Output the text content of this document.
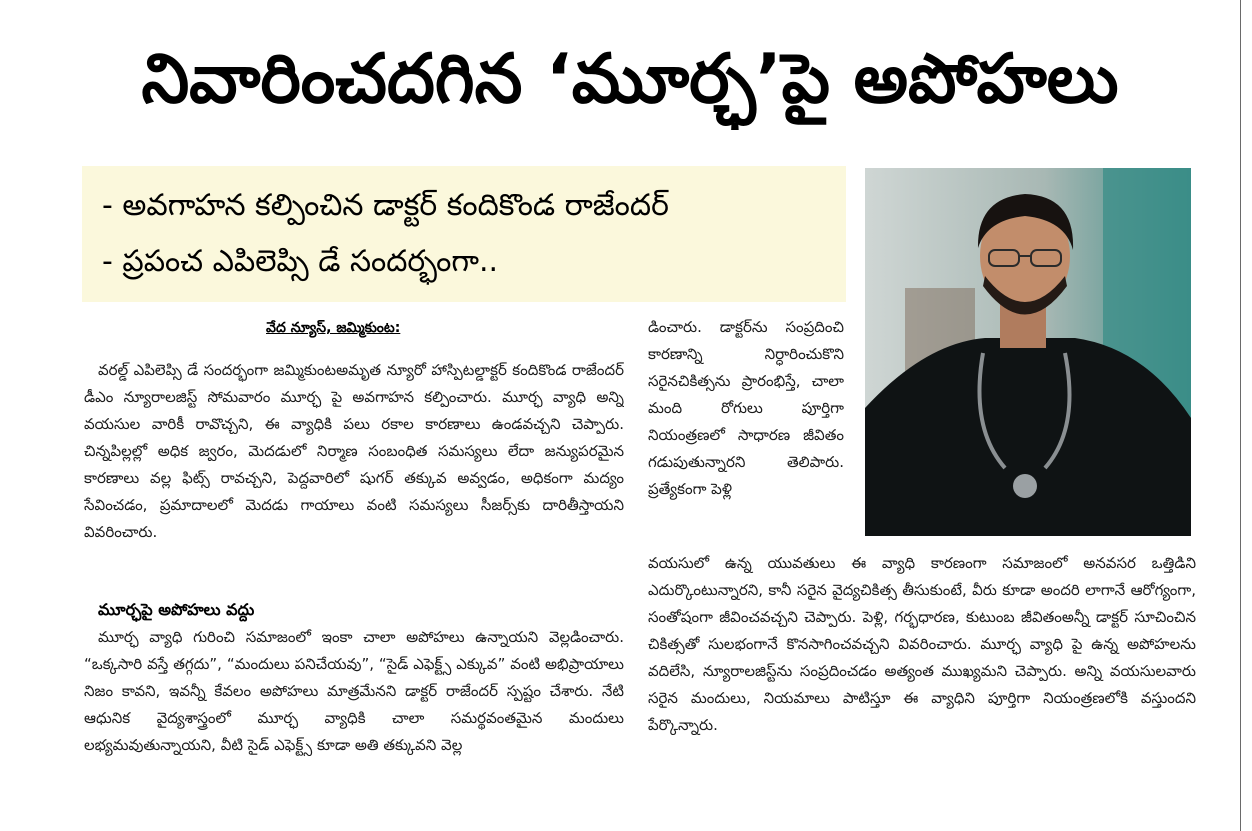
నివారించదగిన ‘మూర్ఛ’పై అపోహలు
- అవగాహన కల్పించిన డాక్టర్ కందికొండ రాజేందర్
- ప్రపంచ ఎపిలెప్సి డే సందర్భంగా..
వేద న్యూస్, జమ్మికుంట:
వరల్డ్ ఎపిలెప్సి డే సందర్భంగా జమ్మికుంటఅమృత న్యూరో హాస్పిటల్డాక్టర్ కందికొండ రాజేందర్ డీఎం న్యూరాలజిస్ట్ సోమవారం మూర్ఛ పై అవగాహన కల్పించారు. మూర్ఛ వ్యాధి అన్ని వయసుల వారికీ రావొచ్చని, ఈ వ్యాధికి పలు రకాల కారణాలు ఉండవచ్చని చెప్పారు. చిన్నపిల్లల్లో అధిక జ్వరం, మెదడులో నిర్మాణ సంబంధిత సమస్యలు లేదా జన్యుపరమైన కారణాలు వల్ల ఫిట్స్ రావచ్చని, పెద్దవారిలో షుగర్ తక్కువ అవ్వడం, అధికంగా మద్యం సేవించడం, ప్రమాదాలలో మెదడు గాయాలు వంటి సమస్యలు సీజర్స్‌కు దారితీస్తాయని వివరించారు.
మూర్ఛపై అపోహలు వద్దు
మూర్ఛ వ్యాధి గురించి సమాజంలో ఇంకా చాలా అపోహలు ఉన్నాయని వెల్లడించారు. “ఒక్కసారి వస్తే తగ్గదు”, “మందులు పనిచేయవు”, “సైడ్ ఎఫెక్ట్స్ ఎక్కువ” వంటి అభిప్రాయాలు నిజం కావని, ఇవన్నీ కేవలం అపోహలు మాత్రమేనని డాక్టర్ రాజేందర్ స్పష్టం చేశారు. నేటి ఆధునిక వైద్యశాస్త్రంలో మూర్ఛ వ్యాధికి చాలా సమర్థవంతమైన మందులు లభ్యమవుతున్నాయని, వీటి సైడ్ ఎఫెక్ట్స్ కూడా అతి తక్కువని వెల్ల
డించారు. డాక్టర్‌ను సంప్రదించి కారణాన్ని నిర్ధారించుకొని సరైనచికిత్సను ప్రారంభిస్తే, చాలా మంది రోగులు పూర్తిగా నియంత్రణలో సాధారణ జీవితం గడుపుతున్నారని తెలిపారు. ప్రత్యేకంగా పెళ్లి
వయసులో ఉన్న యువతులు ఈ వ్యాధి కారణంగా సమాజంలో అనవసర ఒత్తిడిని ఎదుర్కొంటున్నారని, కానీ సరైన వైద్యచికిత్స తీసుకుంటే, వీరు కూడా అందరి లాగానే ఆరోగ్యంగా, సంతోషంగా జీవించవచ్చని చెప్పారు. పెళ్లి, గర్భధారణ, కుటుంబ జీవితంఅన్నీ డాక్టర్ సూచించిన చికిత్సతో సులభంగానే కొనసాగించవచ్చని వివరించారు. మూర్ఛ వ్యాధి పై ఉన్న అపోహలను వదిలేసి, న్యూరాలజిస్ట్‌ను సంప్రదించడం అత్యంత ముఖ్యమని చెప్పారు. అన్ని వయసులవారు సరైన మందులు, నియమాలు పాటిస్తూ ఈ వ్యాధిని పూర్తిగా నియంత్రణలోకి వస్తుందని పేర్కొన్నారు.
